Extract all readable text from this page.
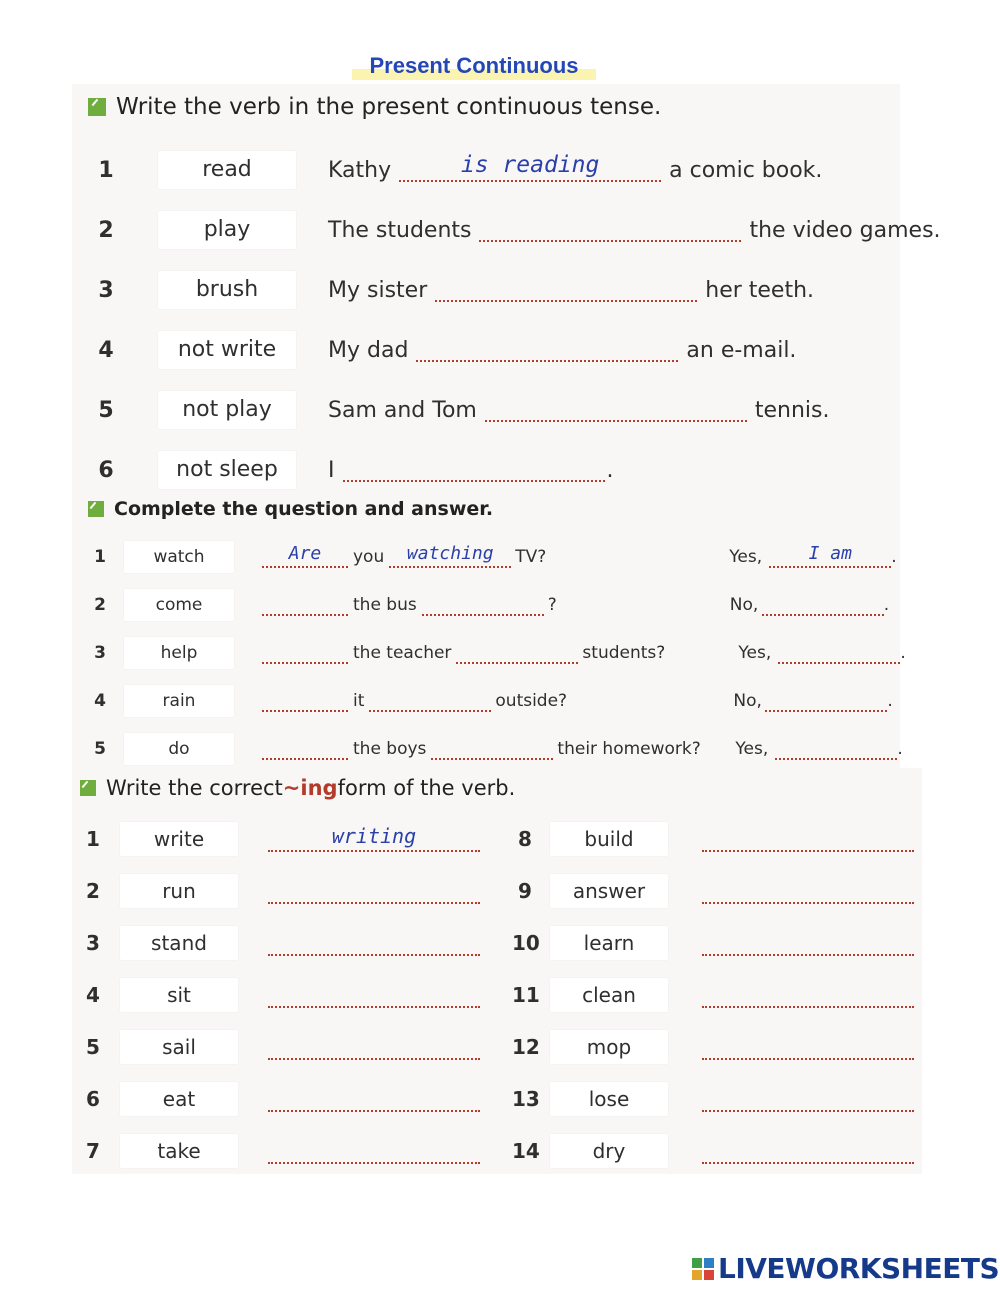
Present Continuous
Write the verb in the present continuous tense.
1	read	Kathy	is reading	a comic book.
2	play	The students	the video games.
3	brush	My sister	her teeth.
4	not write	My dad	an e-mail.
5	not play	Sam and Tom	tennis.
6	not sleep	I	.
Complete the question and answer.
1	watch	Are	you	watching	TV?	Yes,	I am	.
2	come	the bus	?	No,	.
3	help	the teacher	students?	Yes,	.
4	rain	it	outside?	No,	.
5	do	the boys	their homework?	Yes,	.
Write the correct ~ing form of the verb.
1	write	writing
2	run
3	stand
4	sit
5	sail
6	eat
7	take
8	build
9	answer
10	learn
11	clean
12	mop
13	lose
14	dry
LIVEWORKSHEETS
